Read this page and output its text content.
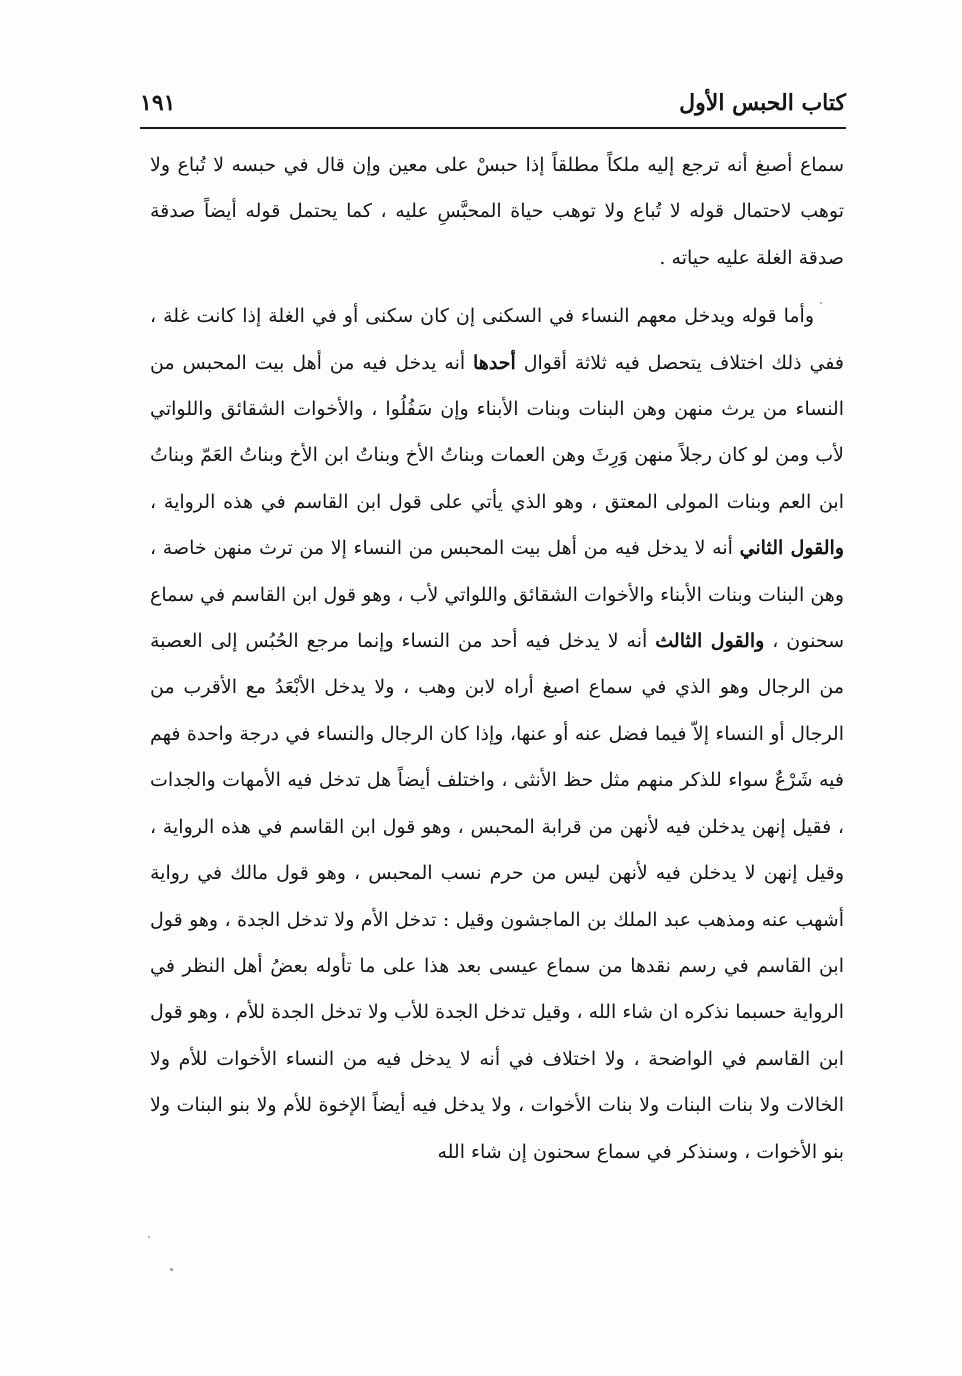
كتاب الحبس الأول
١٩١

سماع أصبغ أنه ترجع إليه ملكاً مطلقاً إذا حبسْ على معين وإن قال في حبسه لا تُباع ولا توهب لاحتمال قوله لا تُباع ولا توهب حياة المحبَّسِ عليه ، كما يحتمل قوله أيضاً صدقة صدقة الغلة عليه حياته .

وأما قوله ويدخل معهم النساء في السكنى إن كان سكنى أو في الغلة إذا كانت غلة ، ففي ذلك اختلاف يتحصل فيه ثلاثة أقوال أحدها أنه يدخل فيه من أهل بيت المحبس من النساء من يرث منهن وهن البنات وبنات الأبناء وإن سَفُلُوا ، والأخوات الشقائق واللواتي لأب ومن لو كان رجلاً منهن وَرِثَ وهن العمات وبناتُ الأخ وبناتُ ابن الأخ وبناتُ العَمّ وبناتُ ابن العم وبنات المولى المعتق ، وهو الذي يأتي على قول ابن القاسم في هذه الرواية ، والقول الثاني أنه لا يدخل فيه من أهل بيت المحبس من النساء إلا من ترث منهن خاصة ، وهن البنات وبنات الأبناء والأخوات الشقائق واللواتي لأب ، وهو قول ابن القاسم في سماع سحنون ، والقول الثالث أنه لا يدخل فيه أحد من النساء وإنما مرجع الحُبُس إلى العصبة من الرجال وهو الذي في سماع اصبغ أراه لابن وهب ، ولا يدخل الأبْعَدُ مع الأقرب من الرجال أو النساء إلاّ فيما فضل عنه أو عنها، وإذا كان الرجال والنساء في درجة واحدة فهم فيه شَرْعٌ سواء للذكر منهم مثل حظ الأنثى ، واختلف أيضاً هل تدخل فيه الأمهات والجدات ، فقيل إنهن يدخلن فيه لأنهن من قرابة المحبس ، وهو قول ابن القاسم في هذه الرواية ، وقيل إنهن لا يدخلن فيه لأنهن ليس من حرم نسب المحبس ، وهو قول مالك في رواية أشهب عنه ومذهب عبد الملك بن الماجشون وقيل : تدخل الأم ولا تدخل الجدة ، وهو قول ابن القاسم في رسم نقدها من سماع عيسى بعد هذا على ما تأوله بعضُ أهل النظر في الرواية حسبما نذكره ان شاء الله ، وقيل تدخل الجدة للأب ولا تدخل الجدة للأم ، وهو قول ابن القاسم في الواضحة ، ولا اختلاف في أنه لا يدخل فيه من النساء الأخوات للأم ولا الخالات ولا بنات البنات ولا بنات الأخوات ، ولا يدخل فيه أيضاً الإخوة للأم ولا بنو البنات ولا بنو الأخوات ، وسنذكر في سماع سحنون إن شاء الله
